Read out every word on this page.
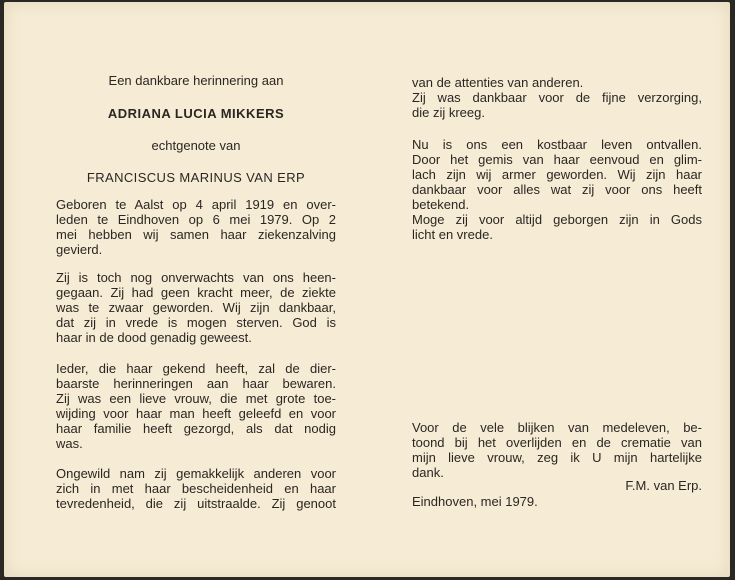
Een dankbare herinnering aan
ADRIANA LUCIA MIKKERS
echtgenote van
FRANCISCUS MARINUS VAN ERP
Geboren te Aalst op 4 april 1919 en over-
leden te Eindhoven op 6 mei 1979. Op 2
mei hebben wij samen haar ziekenzalving
gevierd.
Zij is toch nog onverwachts van ons heen-
gegaan. Zij had geen kracht meer, de ziekte
was te zwaar geworden. Wij zijn dankbaar,
dat zij in vrede is mogen sterven. God is
haar in de dood genadig geweest.
Ieder, die haar gekend heeft, zal de dier-
baarste herinneringen aan haar bewaren.
Zij was een lieve vrouw, die met grote toe-
wijding voor haar man heeft geleefd en voor
haar familie heeft gezorgd, als dat nodig
was.
Ongewild nam zij gemakkelijk anderen voor
zich in met haar bescheidenheid en haar
tevredenheid, die zij uitstraalde. Zij genoot
van de attenties van anderen.
Zij was dankbaar voor de fijne verzorging,
die zij kreeg.
Nu is ons een kostbaar leven ontvallen.
Door het gemis van haar eenvoud en glim-
lach zijn wij armer geworden. Wij zijn haar
dankbaar voor alles wat zij voor ons heeft
betekend.
Moge zij voor altijd geborgen zijn in Gods
licht en vrede.
Voor de vele blijken van medeleven, be-
toond bij het overlijden en de crematie van
mijn lieve vrouw, zeg ik U mijn hartelijke
dank.
F.M. van Erp.
Eindhoven, mei 1979.
